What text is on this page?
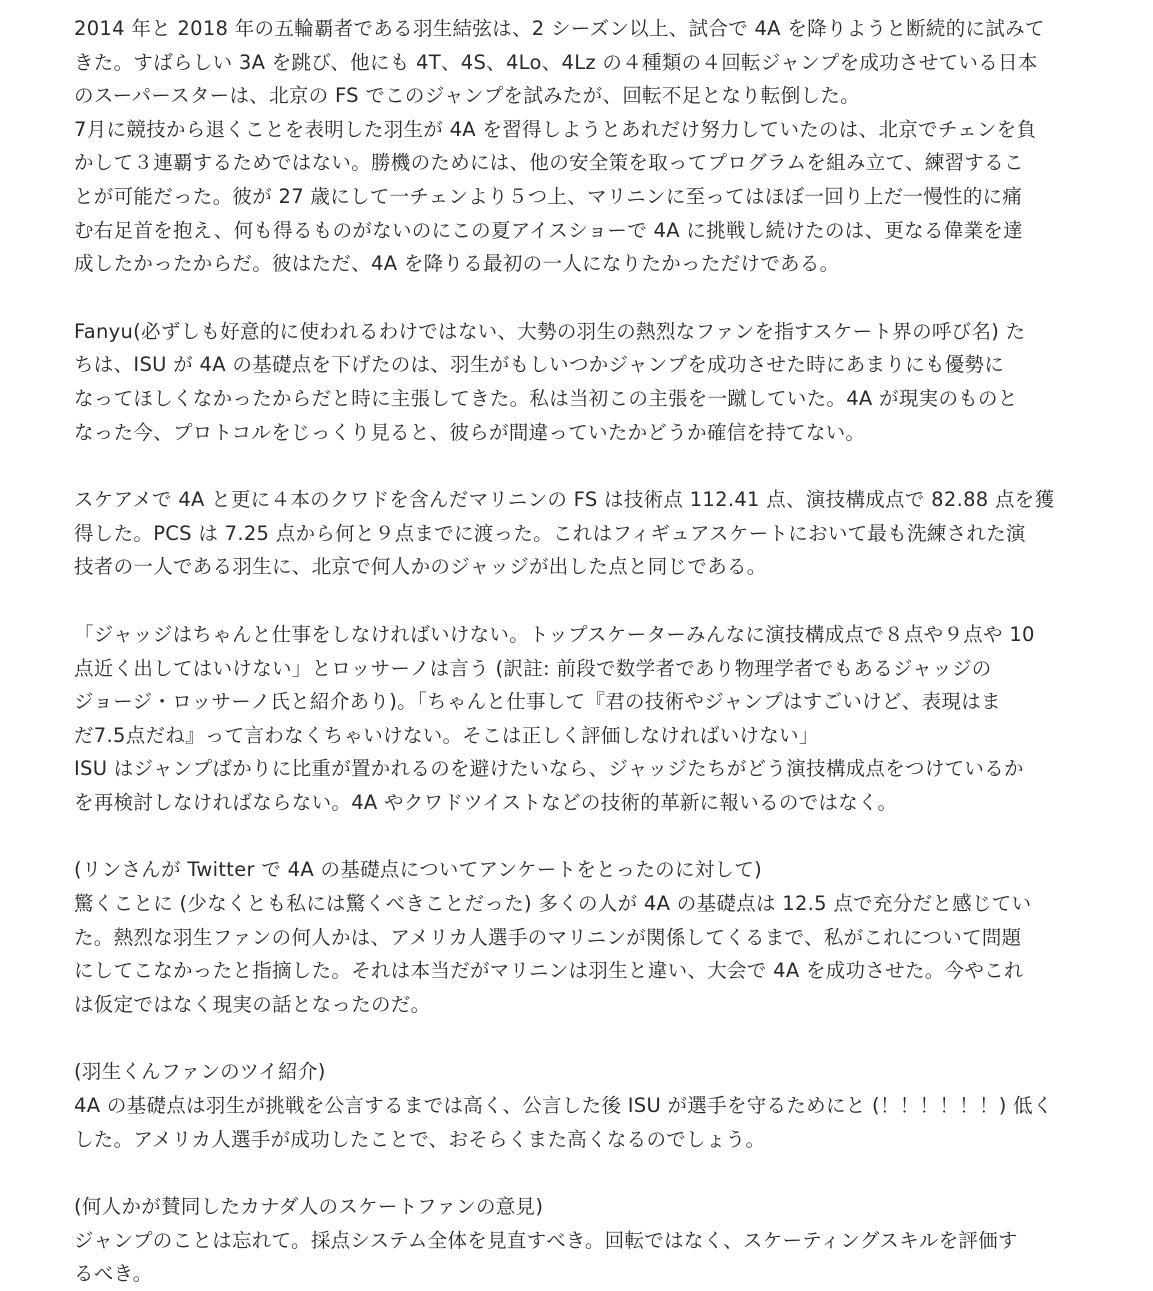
2014 年と 2018 年の五輪覇者である羽生結弦は、2 シーズン以上、試合で 4A を降りようと断続的に試みて
きた。すばらしい 3A を跳び、他にも 4T、4S、4Lo、4Lz の４種類の４回転ジャンプを成功させている日本
のスーパースターは、北京の FS でこのジャンプを試みたが、回転不足となり転倒した。
7月に競技から退くことを表明した羽生が 4A を習得しようとあれだけ努力していたのは、北京でチェンを負
かして３連覇するためではない。勝機のためには、他の安全策を取ってプログラムを組み立て、練習するこ
とが可能だった。彼が 27 歳にして一チェンより５つ上、マリニンに至ってはほぼ一回り上だ一慢性的に痛
む右足首を抱え、何も得るものがないのにこの夏アイスショーで 4A に挑戦し続けたのは、更なる偉業を達
成したかったからだ。彼はただ、4A を降りる最初の一人になりたかっただけである。
Fanyu(必ずしも好意的に使われるわけではない、大勢の羽生の熱烈なファンを指すスケート界の呼び名) た
ちは、ISU が 4A の基礎点を下げたのは、羽生がもしいつかジャンプを成功させた時にあまりにも優勢に
なってほしくなかったからだと時に主張してきた。私は当初この主張を一蹴していた。4A が現実のものと
なった今、プロトコルをじっくり見ると、彼らが間違っていたかどうか確信を持てない。
スケアメで 4A と更に４本のクワドを含んだマリニンの FS は技術点 112.41 点、演技構成点で 82.88 点を獲
得した。PCS は 7.25 点から何と９点までに渡った。これはフィギュアスケートにおいて最も洗練された演
技者の一人である羽生に、北京で何人かのジャッジが出した点と同じである。
「ジャッジはちゃんと仕事をしなければいけない。トップスケーターみんなに演技構成点で８点や９点や 10
点近く出してはいけない」とロッサーノは言う (訳註: 前段で数学者であり物理学者でもあるジャッジの
ジョージ・ロッサーノ氏と紹介あり)。「ちゃんと仕事して『君の技術やジャンプはすごいけど、表現はま
だ7.5点だね』って言わなくちゃいけない。そこは正しく評価しなければいけない」
ISU はジャンプばかりに比重が置かれるのを避けたいなら、ジャッジたちがどう演技構成点をつけているか
を再検討しなければならない。4A やクワドツイストなどの技術的革新に報いるのではなく。
(リンさんが Twitter で 4A の基礎点についてアンケートをとったのに対して)
驚くことに (少なくとも私には驚くべきことだった) 多くの人が 4A の基礎点は 12.5 点で充分だと感じてい
た。熱烈な羽生ファンの何人かは、アメリカ人選手のマリニンが関係してくるまで、私がこれについて問題
にしてこなかったと指摘した。それは本当だがマリニンは羽生と違い、大会で 4A を成功させた。今やこれ
は仮定ではなく現実の話となったのだ。
(羽生くんファンのツイ紹介)
4A の基礎点は羽生が挑戦を公言するまでは高く、公言した後 ISU が選手を守るためにと (！！！！！！) 低く
した。アメリカ人選手が成功したことで、おそらくまた高くなるのでしょう。
(何人かが賛同したカナダ人のスケートファンの意見)
ジャンプのことは忘れて。採点システム全体を見直すべき。回転ではなく、スケーティングスキルを評価す
るべき。
